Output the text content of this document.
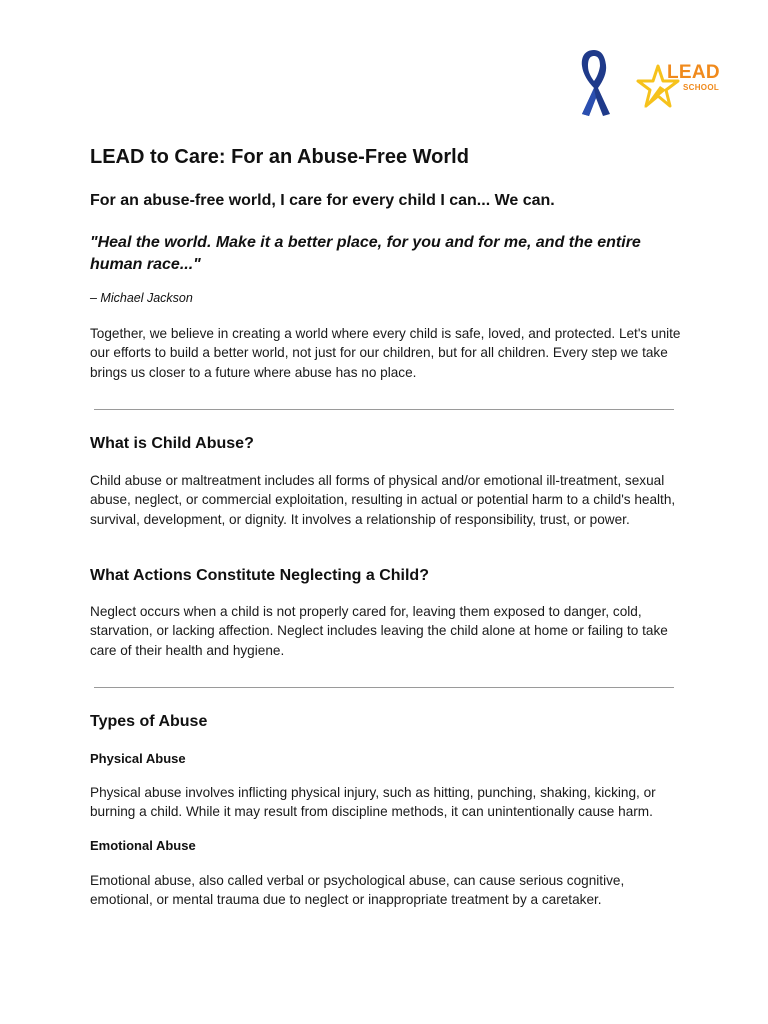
LEAD
SCHOOL
LEAD to Care: For an Abuse-Free World
For an abuse-free world, I care for every child I can... We can.

"Heal the world. Make it a better place, for you and for me, and the entire human race..."

– Michael Jackson

Together, we believe in creating a world where every child is safe, loved, and protected. Let's unite our efforts to build a better world, not just for our children, but for all children. Every step we take brings us closer to a future where abuse has no place.

What is Child Abuse?

Child abuse or maltreatment includes all forms of physical and/or emotional ill-treatment, sexual abuse, neglect, or commercial exploitation, resulting in actual or potential harm to a child's health, survival, development, or dignity. It involves a relationship of responsibility, trust, or power.

What Actions Constitute Neglecting a Child?

Neglect occurs when a child is not properly cared for, leaving them exposed to danger, cold, starvation, or lacking affection. Neglect includes leaving the child alone at home or failing to take care of their health and hygiene.

Types of Abuse
Physical Abuse

Physical abuse involves inflicting physical injury, such as hitting, punching, shaking, kicking, or burning a child. While it may result from discipline methods, it can unintentionally cause harm.

Emotional Abuse

Emotional abuse, also called verbal or psychological abuse, can cause serious cognitive, emotional, or mental trauma due to neglect or inappropriate treatment by a caretaker.
